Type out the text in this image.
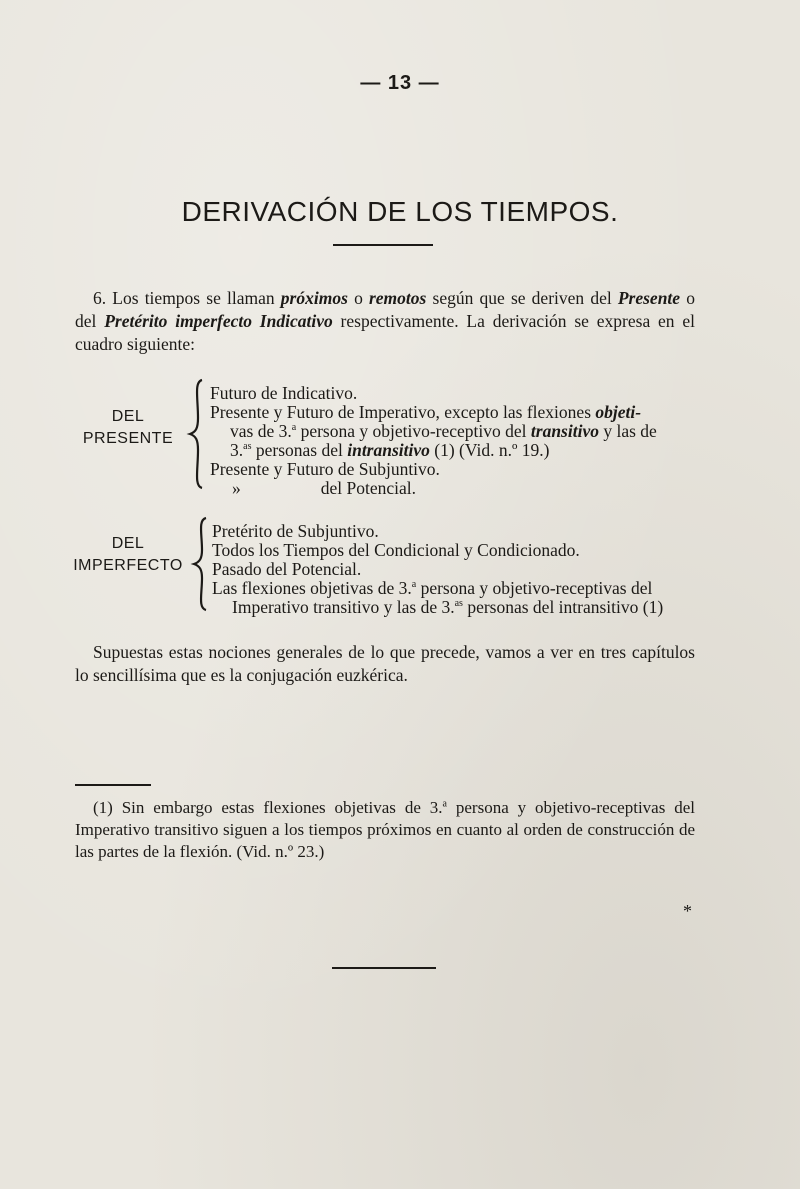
— 13 —
DERIVACIÓN DE LOS TIEMPOS.
6. Los tiempos se llaman próximos o remotos según que se deriven del Presente o del Pretérito imperfecto Indicativo respectivamente. La derivación se expresa en el cuadro siguiente:
DEL
PRESENTE
Futuro de Indicativo.
Presente y Futuro de Imperativo, excepto las flexiones objeti-
vas de 3.$^a$ persona y objetivo-receptivo del transitivo y las de
3.$^{as}$ personas del intransitivo (1) (Vid. n.º 19.)
Presente y Futuro de Subjuntivo.
»	del Potencial.
DEL
IMPERFECTO
Pretérito de Subjuntivo.
Todos los Tiempos del Condicional y Condicionado.
Pasado del Potencial.
Las flexiones objetivas de 3.$^a$ persona y objetivo-receptivas del
Imperativo transitivo y las de 3.$^{as}$ personas del intransitivo (1)
Supuestas estas nociones generales de lo que precede, vamos a ver en tres capítulos lo sencillísima que es la conjugación euzkérica.
(1) Sin embargo estas flexiones objetivas de 3.$^a$ persona y objetivo-receptivas del Imperativo transitivo siguen a los tiempos próximos en cuanto al orden de construcción de las partes de la flexión. (Vid. n.º 23.)
*
